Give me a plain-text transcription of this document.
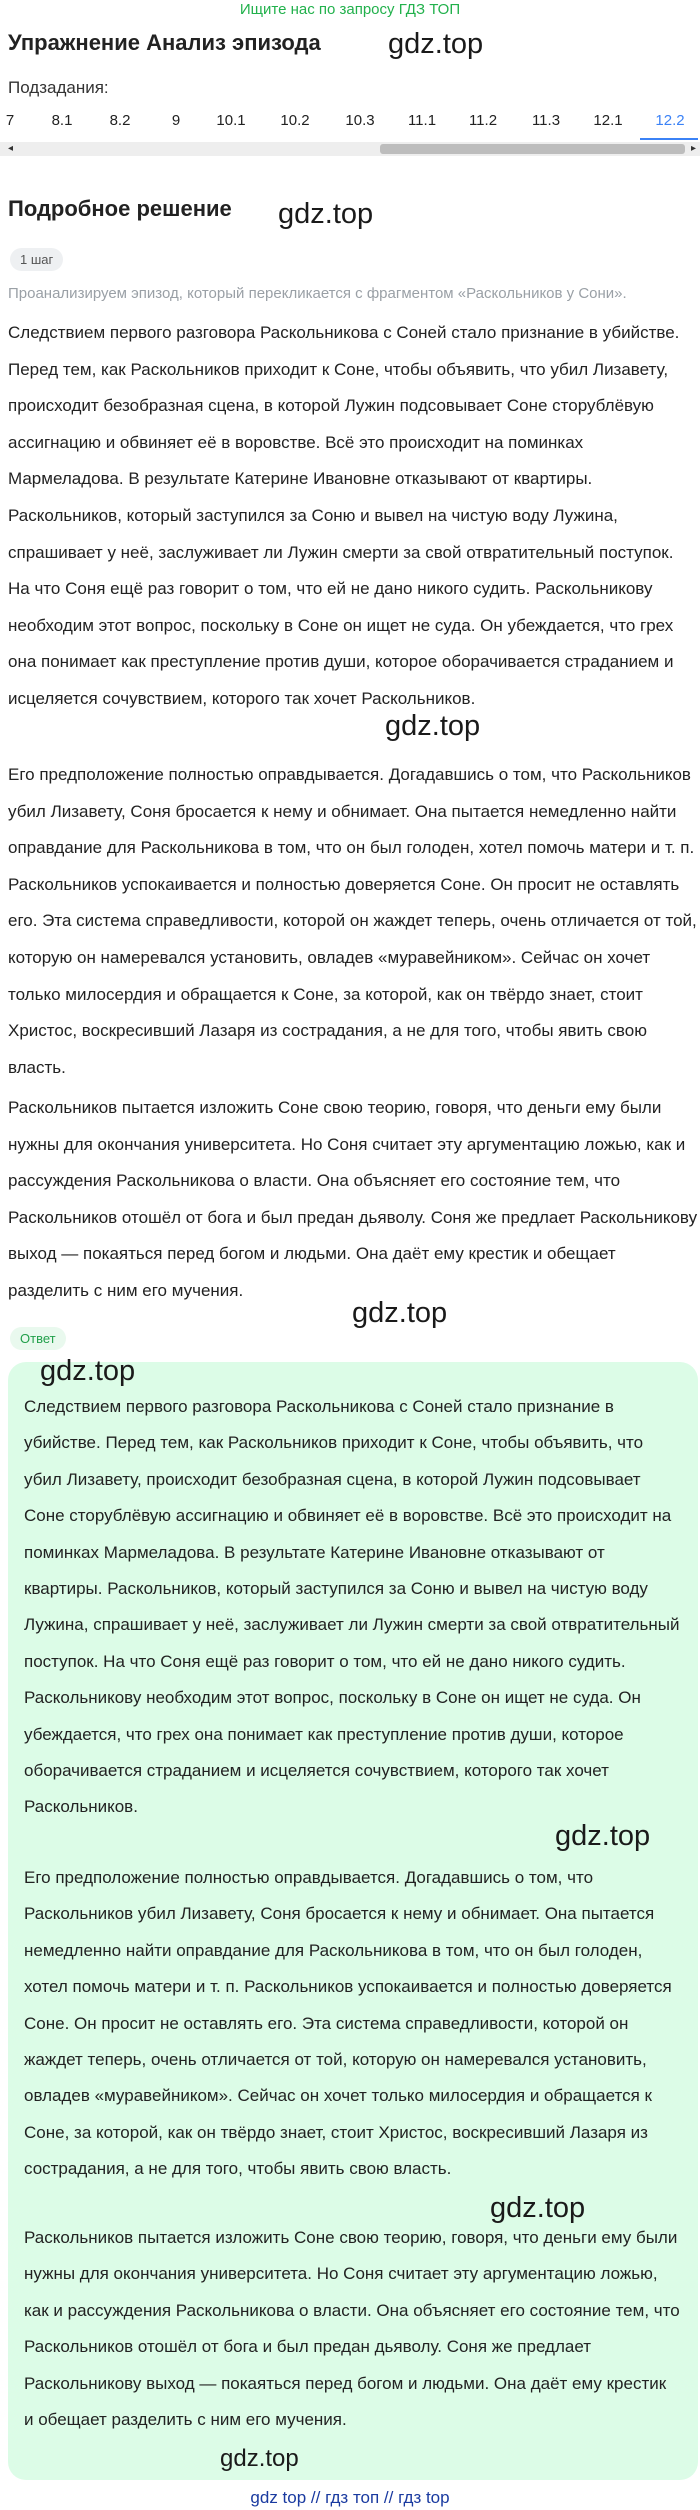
Ищите нас по запросу ГДЗ ТОП
Упражнение Анализ эпизода gdz.top
Подзадания:
7 8.1 8.2	9 10.1 10.2 10.3 11.1 11.2 11.3 12.1 12.2
◂	▸
Подробное решение gdz.top
1 шаг
Проанализируем эпизод, который перекликается с фрагментом «Раскольников у Сони».

Следствием первого разговора Раскольникова с Соней стало признание в убийстве. Перед тем, как Раскольников приходит к Соне, чтобы объявить, что убил Лизавету, происходит безобразная сцена, в которой Лужин подсовывает Соне сторублёвую ассигнацию и обвиняет её в воровстве. Всё это происходит на поминках Мармеладова. В результате Катерине Ивановне отказывают от квартиры. Раскольников, который заступился за Соню и вывел на чистую воду Лужина, спрашивает у неё, заслуживает ли Лужин смерти за свой отвратительный поступок. На что Соня ещё раз говорит о том, что ей не дано никого судить. Раскольникову необходим этот вопрос, поскольку в Соне он ищет не суда. Он убеждается, что грех она понимает как преступление против души, которое оборачивается страданием и исцеляется сочувствием, которого так хочет Раскольников.

Его предположение полностью оправдывается. Догадавшись о том, что Раскольников убил Лизавету, Соня бросается к нему и обнимает. Она пытается немедленно найти оправдание для Раскольникова в том, что он был голоден, хотел помочь матери и т. п. Раскольников успокаивается и полностью доверяется Соне. Он просит не оставлять его. Эта система справедливости, которой он жаждет теперь, очень отличается от той, которую он намеревался установить, овладев «муравейником». Сейчас он хочет только милосердия и обращается к Соне, за которой, как он твёрдо знает, стоит Христос, воскресивший Лазаря из сострадания, а не для того, чтобы явить свою власть.

Раскольников пытается изложить Соне свою теорию, говоря, что деньги ему были нужны для окончания университета. Но Соня считает эту аргументацию ложью, как и рассуждения Раскольникова о власти. Она объясняет его состояние тем, что Раскольников отошёл от бога и был предан дьяволу. Соня же предлает Раскольникову выход — покаяться перед богом и людьми. Она даёт ему крестик и обещает разделить с ним его мучения.

gdz.top
gdz.top
Ответ

Следствием первого разговора Раскольникова с Соней стало признание в убийстве. Перед тем, как Раскольников приходит к Соне, чтобы объявить, что убил Лизавету, происходит безобразная сцена, в которой Лужин подсовывает Соне сторублёвую ассигнацию и обвиняет её в воровстве. Всё это происходит на поминках Мармеладова. В результате Катерине Ивановне отказывают от квартиры. Раскольников, который заступился за Соню и вывел на чистую воду Лужина, спрашивает у неё, заслуживает ли Лужин смерти за свой отвратительный поступок. На что Соня ещё раз говорит о том, что ей не дано никого судить. Раскольникову необходим этот вопрос, поскольку в Соне он ищет не суда. Он убеждается, что грех она понимает как преступление против души, которое оборачивается страданием и исцеляется сочувствием, которого так хочет Раскольников.

Его предположение полностью оправдывается. Догадавшись о том, что Раскольников убил Лизавету, Соня бросается к нему и обнимает. Она пытается немедленно найти оправдание для Раскольникова в том, что он был голоден, хотел помочь матери и т. п. Раскольников успокаивается и полностью доверяется Соне. Он просит не оставлять его. Эта система справедливости, которой он жаждет теперь, очень отличается от той, которую он намеревался установить, овладев «муравейником». Сейчас он хочет только милосердия и обращается к Соне, за которой, как он твёрдо знает, стоит Христос, воскресивший Лазаря из сострадания, а не для того, чтобы явить свою власть.

Раскольников пытается изложить Соне свою теорию, говоря, что деньги ему были нужны для окончания университета. Но Соня считает эту аргументацию ложью, как и рассуждения Раскольникова о власти. Она объясняет его состояние тем, что Раскольников отошёл от бога и был предан дьяволу. Соня же предлает Раскольникову выход — покаяться перед богом и людьми. Она даёт ему крестик и обещает разделить с ним его мучения.

gdz.top
gdz.top
gdz.top
gdz.top
gdz top // гдз топ // гдз top
